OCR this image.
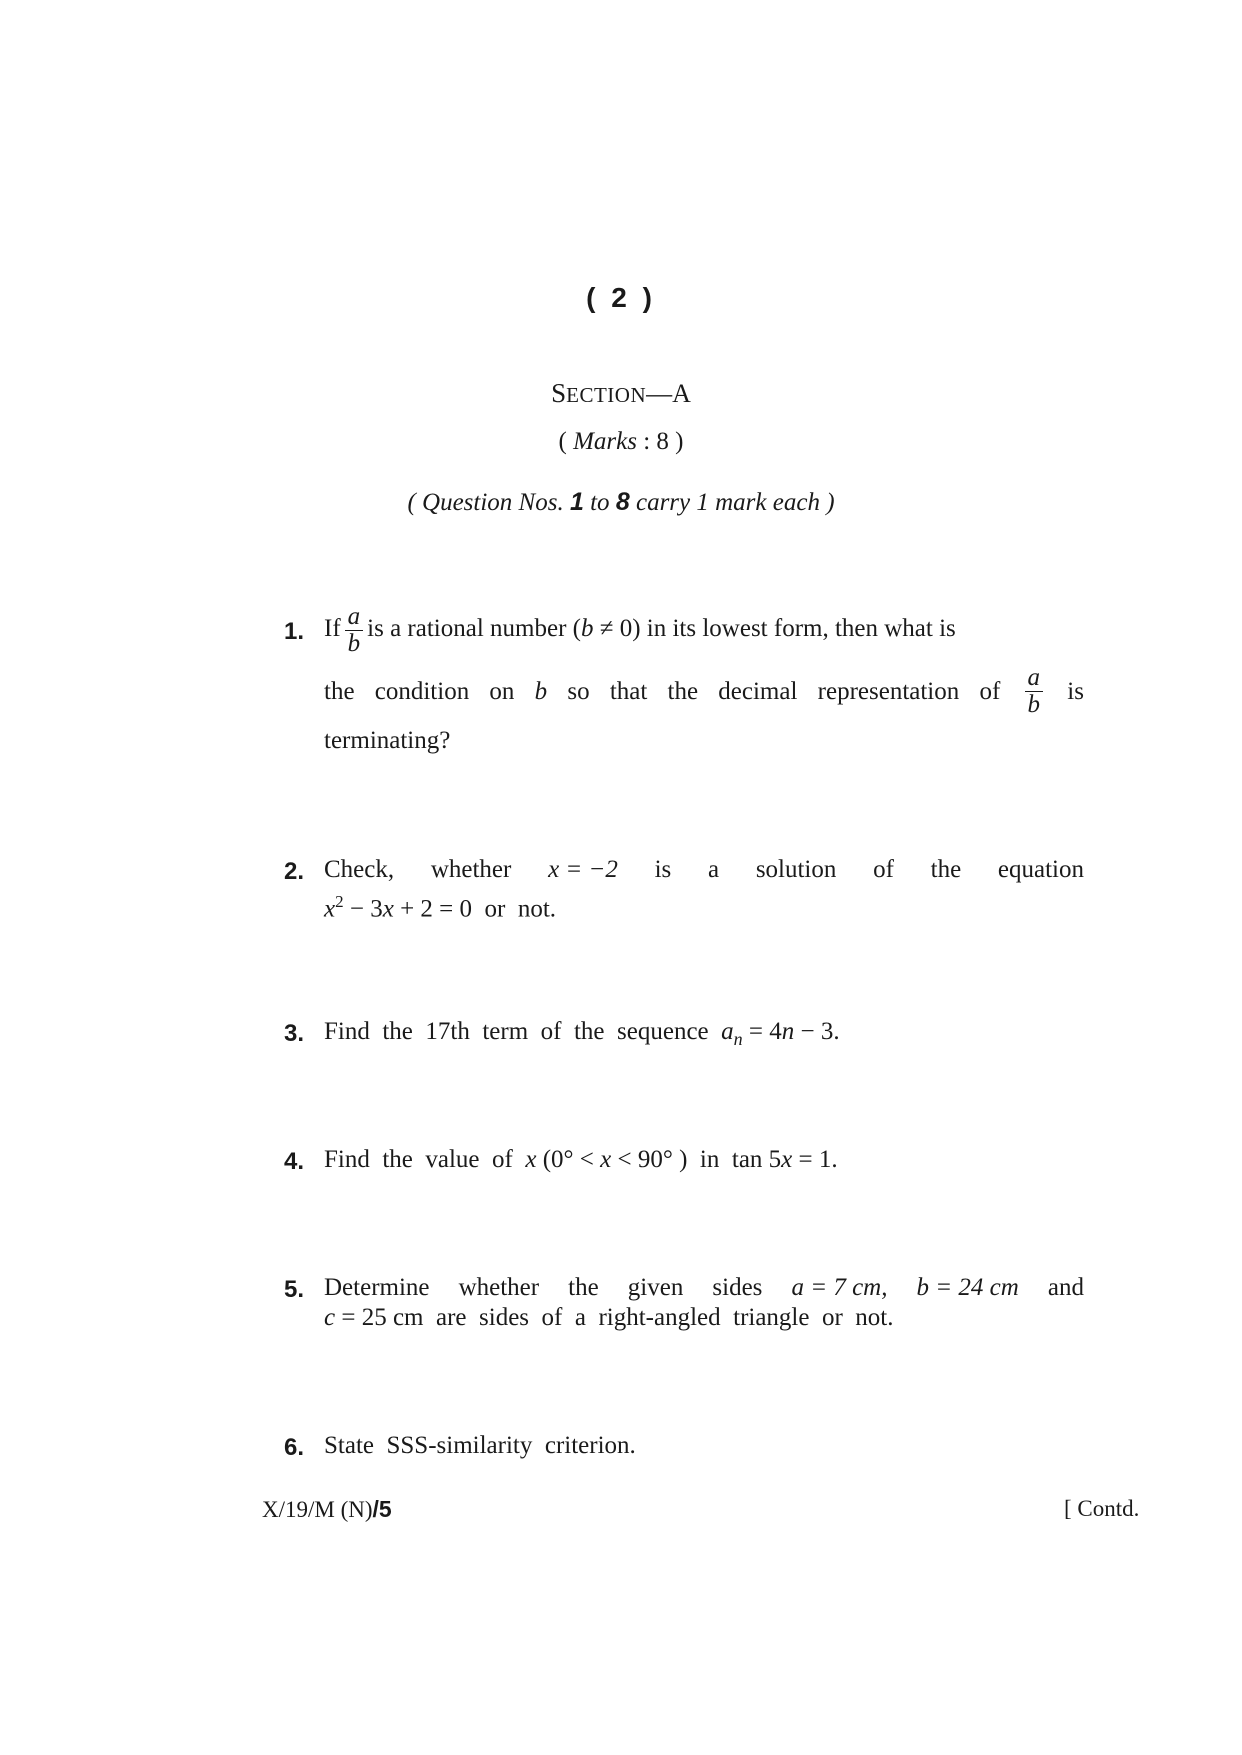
( 2 )
SECTION—A
( Marks : 8 )
( Question Nos. 1 to 8 carry 1 mark each )
1. If $\frac{a}{b}$ is a rational number (b ≠ 0) in its lowest form, then what is
the condition on b so that the decimal representation of $\frac{a}{b}$ is
terminating?
2. Check, whether x = −2 is a solution of the equation
$x^2 - 3x + 2 = 0$  or  not.
3. Find  the  17th  term  of  the  sequence  $a_n = 4n - 3$.
4. Find  the  value  of  x (0° < x < 90° )  in  tan 5x = 1.
5. Determine whether the given sides a = 7 cm, b = 24 cm and
c = 25 cm  are  sides  of  a  right-angled  triangle  or  not.
6. State  SSS-similarity  criterion.
X/19/M (N)/5	[ Contd.
